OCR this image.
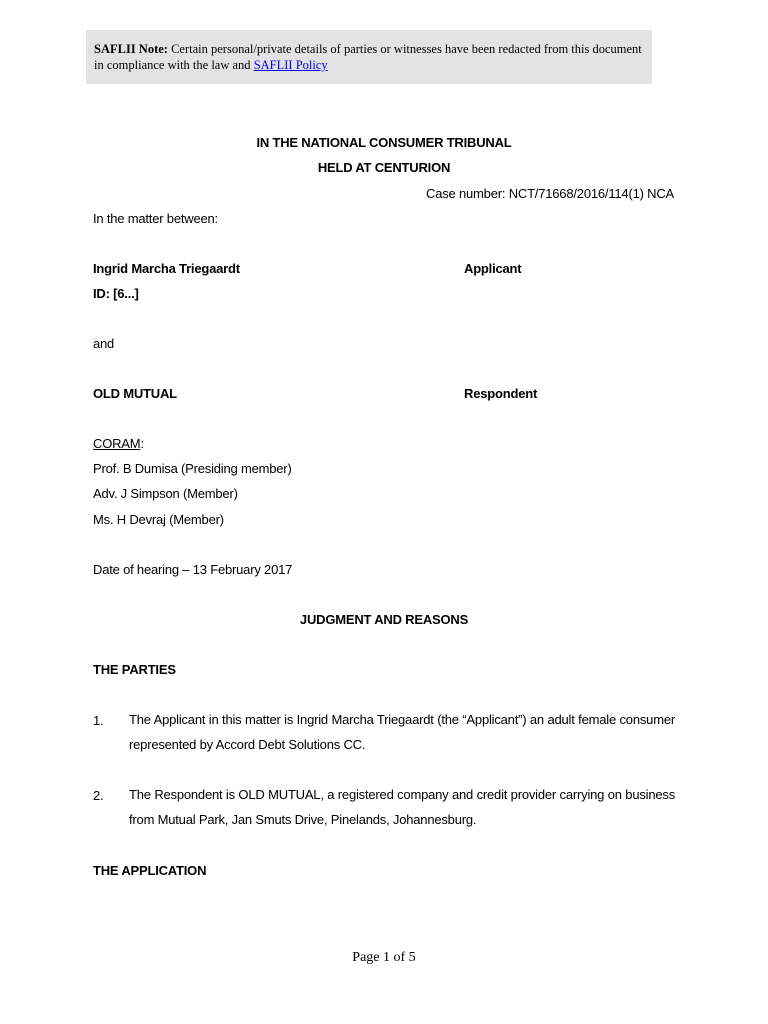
SAFLII Note: Certain personal/private details of parties or witnesses have been redacted from this document in compliance with the law and SAFLII Policy
IN THE NATIONAL CONSUMER TRIBUNAL
HELD AT CENTURION
Case number: NCT/71668/2016/114(1) NCA
In the matter between:
Ingrid Marcha Triegaardt	Applicant
ID: [6...]
and
OLD MUTUAL	Respondent
CORAM:
Prof. B Dumisa (Presiding member)
Adv. J Simpson (Member)
Ms. H Devraj (Member)
Date of hearing – 13 February 2017
JUDGMENT AND REASONS
THE PARTIES
1. The Applicant in this matter is Ingrid Marcha Triegaardt (the “Applicant”) an adult female consumer represented by Accord Debt Solutions CC.
2. The Respondent is OLD MUTUAL, a registered company and credit provider carrying on business from Mutual Park, Jan Smuts Drive, Pinelands, Johannesburg.
THE APPLICATION
Page 1 of 5
